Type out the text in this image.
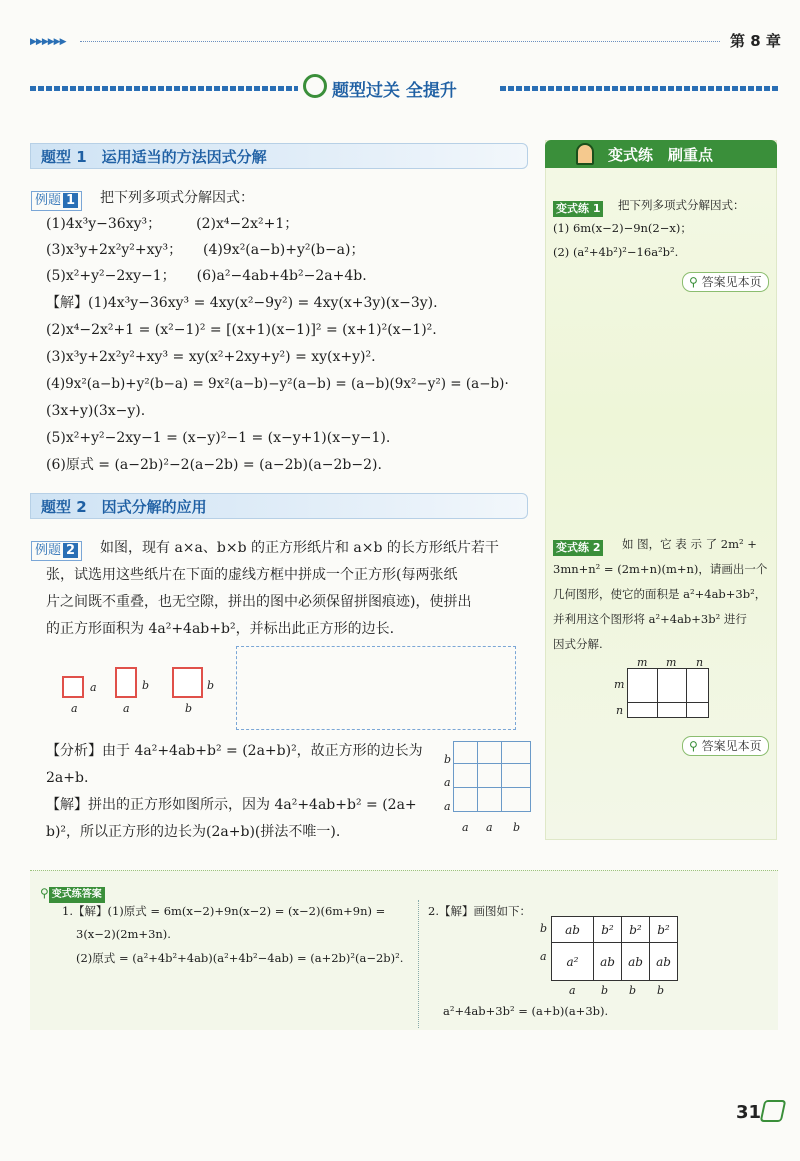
▶▶▶▶▶▶	第 8 章
题型过关 全提升
题型 1　运用适当的方法因式分解
例题 1	把下列多项式分解因式：
(1)4x³y−36xy³；　　　(2)x⁴−2x²+1；
(3)x³y+2x²y²+xy³；　　(4)9x²(a−b)+y²(b−a)；
(5)x²+y²−2xy−1；　　(6)a²−4ab+4b²−2a+4b.
【解】(1)4x³y−36xy³ = 4xy(x²−9y²) = 4xy(x+3y)(x−3y).
(2)x⁴−2x²+1 = (x²−1)² = [(x+1)(x−1)]² = (x+1)²(x−1)².
(3)x³y+2x²y²+xy³ = xy(x²+2xy+y²) = xy(x+y)².
(4)9x²(a−b)+y²(b−a) = 9x²(a−b)−y²(a−b) = (a−b)(9x²−y²) = (a−b)·
(3x+y)(3x−y).
(5)x²+y²−2xy−1 = (x−y)²−1 = (x−y+1)(x−y−1).
(6)原式 = (a−2b)²−2(a−2b) = (a−2b)(a−2b−2).
题型 2　因式分解的应用
例题 2	如图，现有 a×a、b×b 的正方形纸片和 a×b 的长方形纸片若干
张，试选用这些纸片在下面的虚线方框中拼成一个正方形(每两张纸
片之间既不重叠，也无空隙，拼出的图中必须保留拼图痕迹)，使拼出
的正方形面积为 4a²+4ab+b²，并标出此正方形的边长.
a
a
b
a
b
b
【分析】由于 4a²+4ab+b² = (2a+b)²，故正方形的边长为
2a+b.
【解】拼出的正方形如图所示，因为 4a²+4ab+b² = (2a+
b)²，所以正方形的边长为(2a+b)(拼法不唯一).

b
a
a
a a b
变式练　刷重点
变式练 1 把下列多项式分解因式：
(1) 6m(x−2)−9n(2−x)；
(2) (a²+4b²)²−16a²b².
⚲ 答案见本页
变式练 2 如 图，它 表 示 了 2m² +
3mn+n² = (2m+n)(m+n)，请画出一个
几何图形，使它的面积是 a²+4ab+3b²，
并利用这个图形将 a²+4ab+3b² 进行
因式分解.
m m n
m
n
⚲ 答案见本页
⚲ 变式练答案
1.【解】(1)原式 = 6m(x−2)+9n(x−2) = (x−2)(6m+9n) =
3(x−2)(2m+3n).
(2)原式 = (a²+4b²+4ab)(a²+4b²−4ab) = (a+2b)²(a−2b)².
2.【解】画图如下：
ab	b²	b²	b²
a²	ab	ab	ab
b
a
a b b b
a²+4ab+3b² = (a+b)(a+3b).
31
